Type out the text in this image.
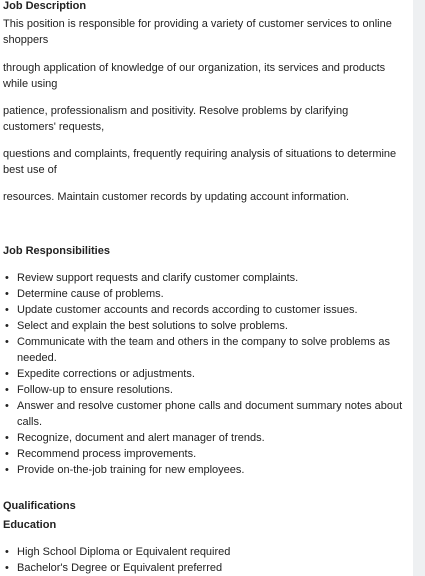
Job Description

This position is responsible for providing a variety of customer services to online shoppers

through application of knowledge of our organization, its services and products while using

patience, professionalism and positivity. Resolve problems by clarifying customers' requests,

questions and complaints, frequently requiring analysis of situations to determine best use of

resources. Maintain customer records by updating account information.

Job Responsibilities
• Review support requests and clarify customer complaints.
• Determine cause of problems.
• Update customer accounts and records according to customer issues.
• Select and explain the best solutions to solve problems.
• Communicate with the team and others in the company to solve problems as needed.
• Expedite corrections or adjustments.
• Follow-up to ensure resolutions.
• Answer and resolve customer phone calls and document summary notes about calls.
• Recognize, document and alert manager of trends.
• Recommend process improvements.
• Provide on-the-job training for new employees.
Qualifications
Education
• High School Diploma or Equivalent required
• Bachelor's Degree or Equivalent preferred
